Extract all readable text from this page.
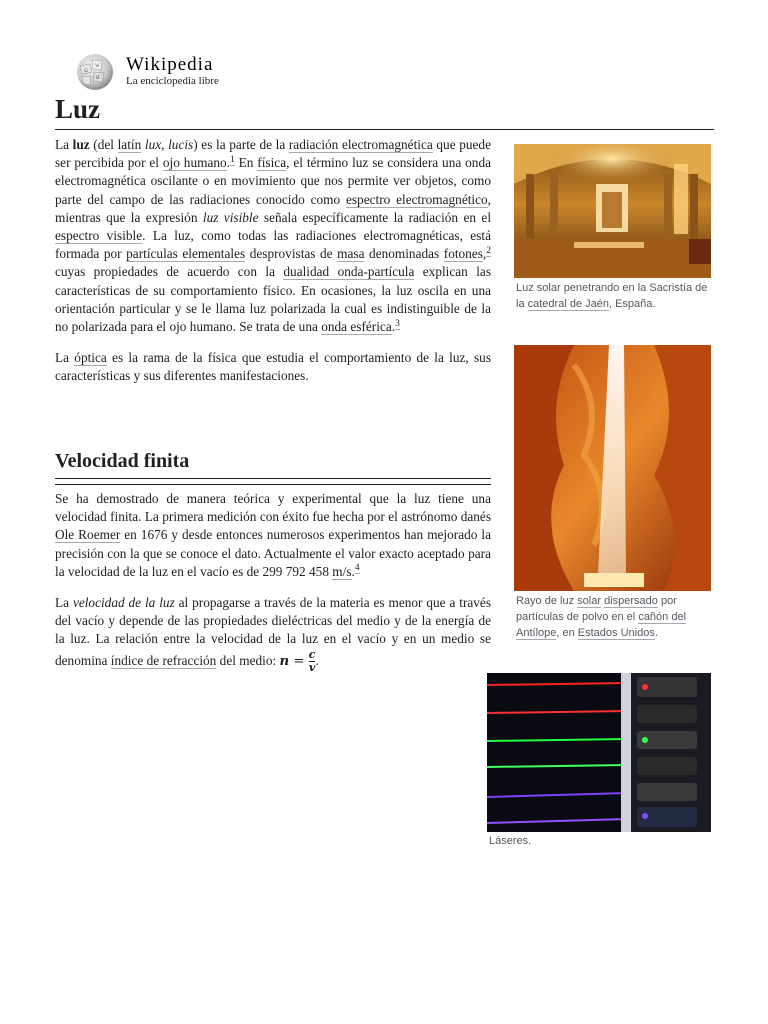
Ω
W
И
Wikipedia
La enciclopedia libre
Luz

La luz (del latín lux, lucis) es la parte de la radiación electromagnética que puede ser percibida por el ojo humano.$^1$ En física, el término luz se considera una onda electromagnética oscilante o en movimiento que nos permite ver objetos, como parte del campo de las radiaciones conocido como espectro electromagnético, mientras que la expresión luz visible señala específicamente la radiación en el espectro visible. La luz, como todas las radiaciones electromagnéticas, está formada por partículas elementales desprovistas de masa denominadas fotones,$^2$ cuyas propiedades de acuerdo con la dualidad onda-partícula explican las características de su comportamiento físico. En ocasiones, la luz oscila en una orientación particular y se le llama luz polarizada la cual es indistinguible de la no polarizada para el ojo humano. Se trata de una onda esférica.$^3$

La óptica es la rama de la física que estudia el comportamiento de la luz, sus características y sus diferentes manifestaciones.

Velocidad finita

Se ha demostrado de manera teórica y experimental que la luz tiene una velocidad finita. La primera medición con éxito fue hecha por el astrónomo danés Ole Roemer en 1676 y desde entonces numerosos experimentos han mejorado la precisión con la que se conoce el dato. Actualmente el valor exacto aceptado para la velocidad de la luz en el vacío es de 299 792 458 m/s.$^4$

La velocidad de la luz al propagarse a través de la materia es menor que a través del vacío y depende de las propiedades dieléctricas del medio y de la energía de la luz. La relación entre la velocidad de la luz en el vacío y en un medio se denomina índice de refracción del medio: $n = \frac{c}{v}$ .

Luz solar penetrando en la Sacristía de la catedral de Jaén, España.
Rayo de luz solar dispersado por partículas de polvo en el cañón del Antílope, en Estados Unidos.
Láseres.
